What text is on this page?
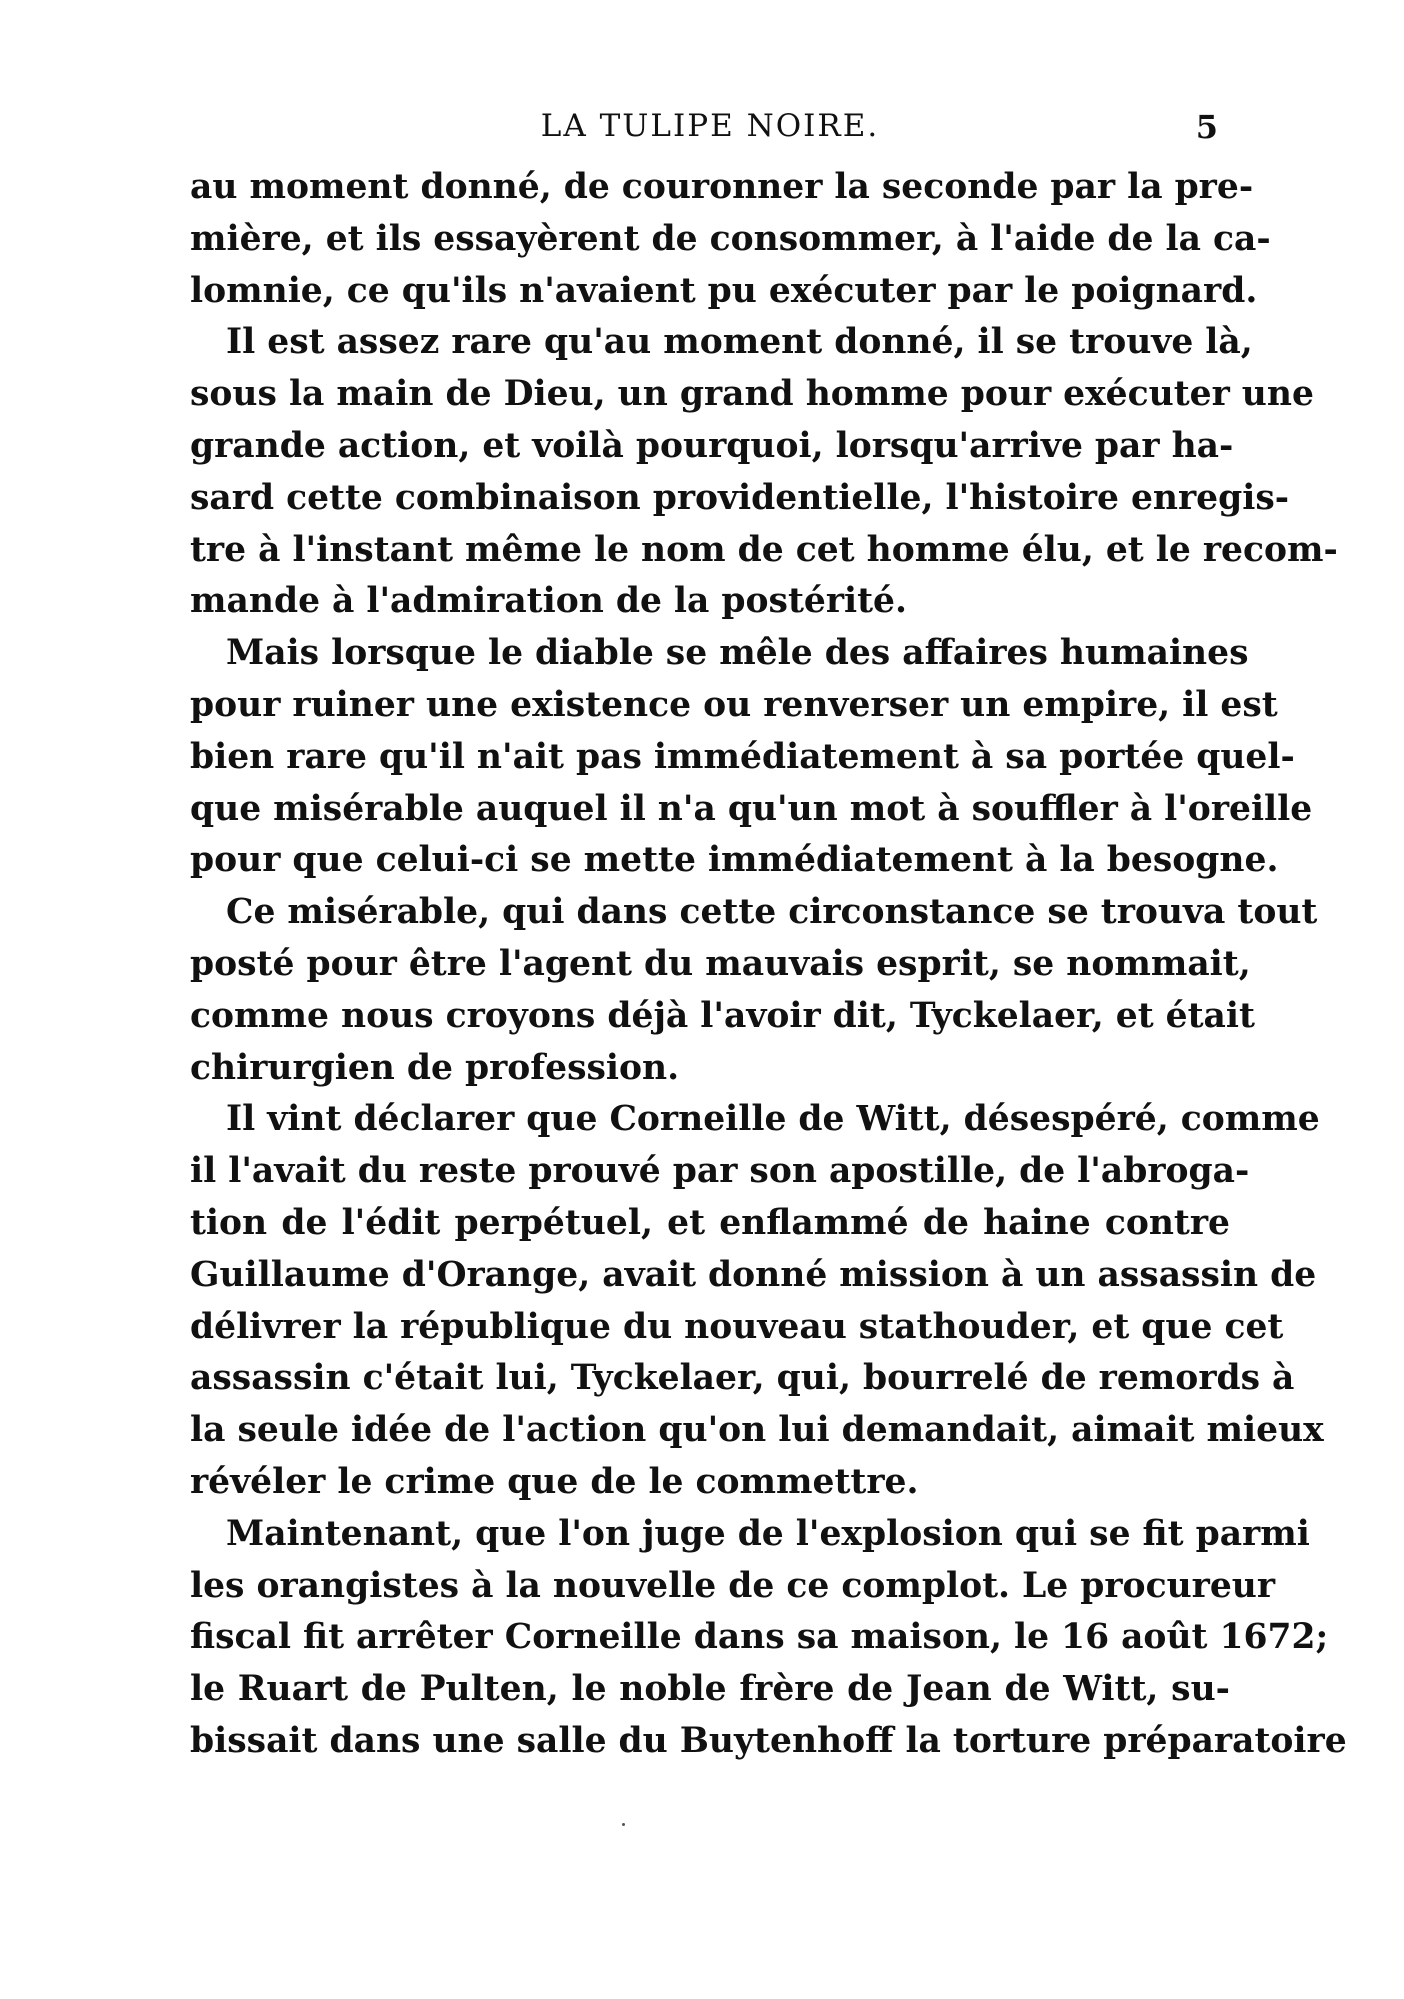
LA TULIPE NOIRE.	5
au moment donné, de couronner la seconde par la pre-
mière, et ils essayèrent de consommer, à l'aide de la ca-
lomnie, ce qu'ils n'avaient pu exécuter par le poignard.
Il est assez rare qu'au moment donné, il se trouve là,
sous la main de Dieu, un grand homme pour exécuter une
grande action, et voilà pourquoi, lorsqu'arrive par ha-
sard cette combinaison providentielle, l'histoire enregis-
tre à l'instant même le nom de cet homme élu, et le recom-
mande à l'admiration de la postérité.
Mais lorsque le diable se mêle des affaires humaines
pour ruiner une existence ou renverser un empire, il est
bien rare qu'il n'ait pas immédiatement à sa portée quel-
que misérable auquel il n'a qu'un mot à souffler à l'oreille
pour que celui-ci se mette immédiatement à la besogne.
Ce misérable, qui dans cette circonstance se trouva tout
posté pour être l'agent du mauvais esprit, se nommait,
comme nous croyons déjà l'avoir dit, Tyckelaer, et était
chirurgien de profession.
Il vint déclarer que Corneille de Witt, désespéré, comme
il l'avait du reste prouvé par son apostille, de l'abroga-
tion de l'édit perpétuel, et enflammé de haine contre
Guillaume d'Orange, avait donné mission à un assassin de
délivrer la république du nouveau stathouder, et que cet
assassin c'était lui, Tyckelaer, qui, bourrelé de remords à
la seule idée de l'action qu'on lui demandait, aimait mieux
révéler le crime que de le commettre.
Maintenant, que l'on juge de l'explosion qui se fit parmi
les orangistes à la nouvelle de ce complot. Le procureur
fiscal fit arrêter Corneille dans sa maison, le 16 août 1672;
le Ruart de Pulten, le noble frère de Jean de Witt, su-
bissait dans une salle du Buytenhoff la torture préparatoire
